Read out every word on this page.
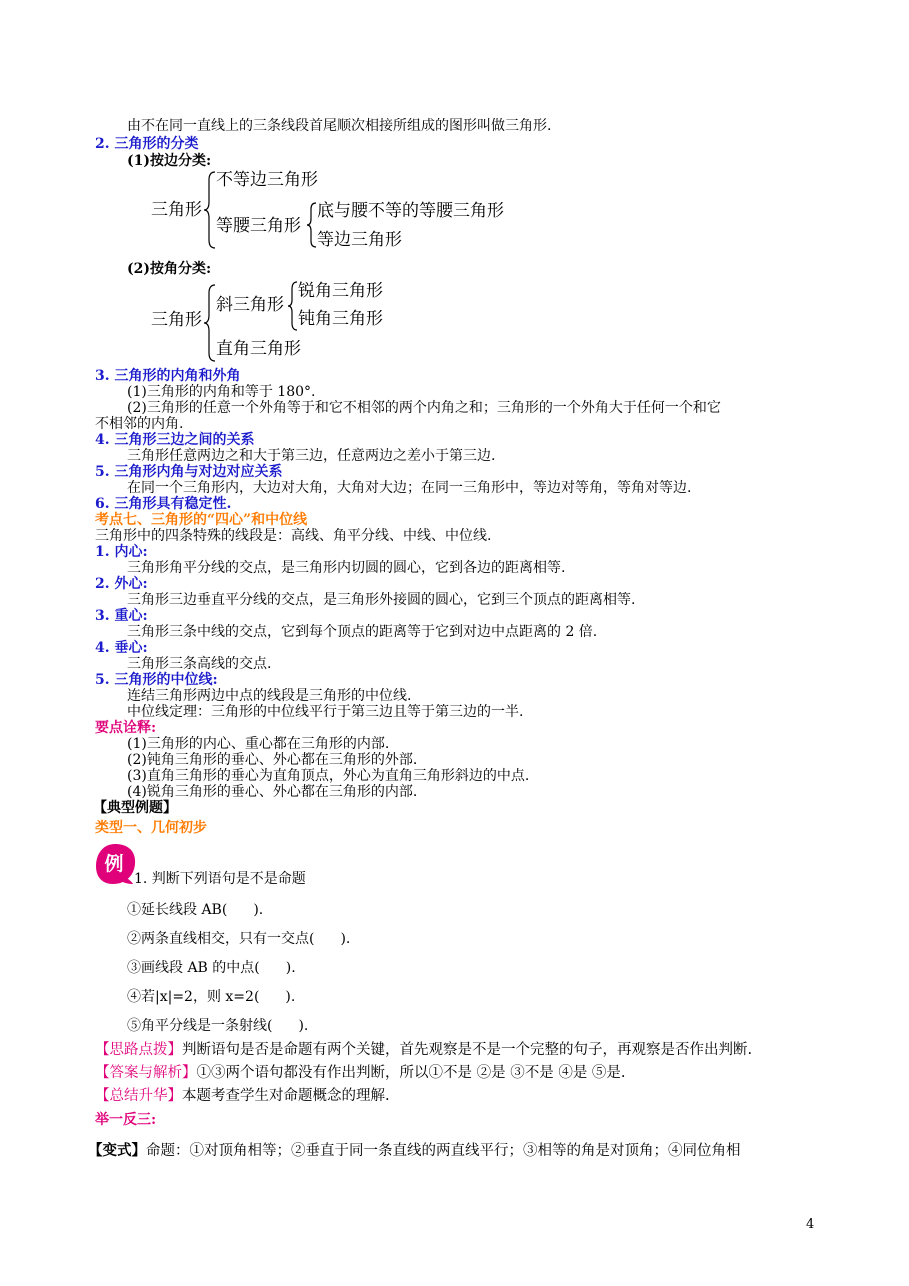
由不在同一直线上的三条线段首尾顺次相接所组成的图形叫做三角形.
2. 三角形的分类
(1)按边分类:
三角形
不等边三角形
等腰三角形
底与腰不等的等腰三角形
等边三角形
(2)按角分类:
三角形
斜三角形
锐角三角形
钝角三角形
直角三角形
3. 三角形的内角和外角
(1)三角形的内角和等于 180°.
(2)三角形的任意一个外角等于和它不相邻的两个内角之和；三角形的一个外角大于任何一个和它
不相邻的内角.
4. 三角形三边之间的关系
三角形任意两边之和大于第三边，任意两边之差小于第三边.
5. 三角形内角与对边对应关系
在同一个三角形内，大边对大角，大角对大边；在同一三角形中，等边对等角，等角对等边.
6. 三角形具有稳定性.
考点七、三角形的“四心”和中位线
三角形中的四条特殊的线段是：高线、角平分线、中线、中位线.
1. 内心:
三角形角平分线的交点，是三角形内切圆的圆心，它到各边的距离相等.
2. 外心:
三角形三边垂直平分线的交点，是三角形外接圆的圆心，它到三个顶点的距离相等.
3. 重心:
三角形三条中线的交点，它到每个顶点的距离等于它到对边中点距离的 2 倍.
4. 垂心:
三角形三条高线的交点.
5. 三角形的中位线:
连结三角形两边中点的线段是三角形的中位线.
中位线定理：三角形的中位线平行于第三边且等于第三边的一半.
要点诠释:
(1)三角形的内心、重心都在三角形的内部.
(2)钝角三角形的垂心、外心都在三角形的外部.
(3)直角三角形的垂心为直角顶点，外心为直角三角形斜边的中点.
(4)锐角三角形的垂心、外心都在三角形的内部.
【典型例题】
类型一、几何初步
例
1. 判断下列语句是不是命题
①延长线段 AB( ).
②两条直线相交，只有一交点( ).
③画线段 AB 的中点( ).
④若|x|=2，则 x=2( ).
⑤角平分线是一条射线( ).
【思路点拨】判断语句是否是命题有两个关键，首先观察是不是一个完整的句子，再观察是否作出判断.
【答案与解析】①③两个语句都没有作出判断，所以①不是 ②是 ③不是 ④是 ⑤是.
【总结升华】本题考查学生对命题概念的理解.
举一反三:
【变式】命题：①对顶角相等；②垂直于同一条直线的两直线平行；③相等的角是对顶角；④同位角相
4
